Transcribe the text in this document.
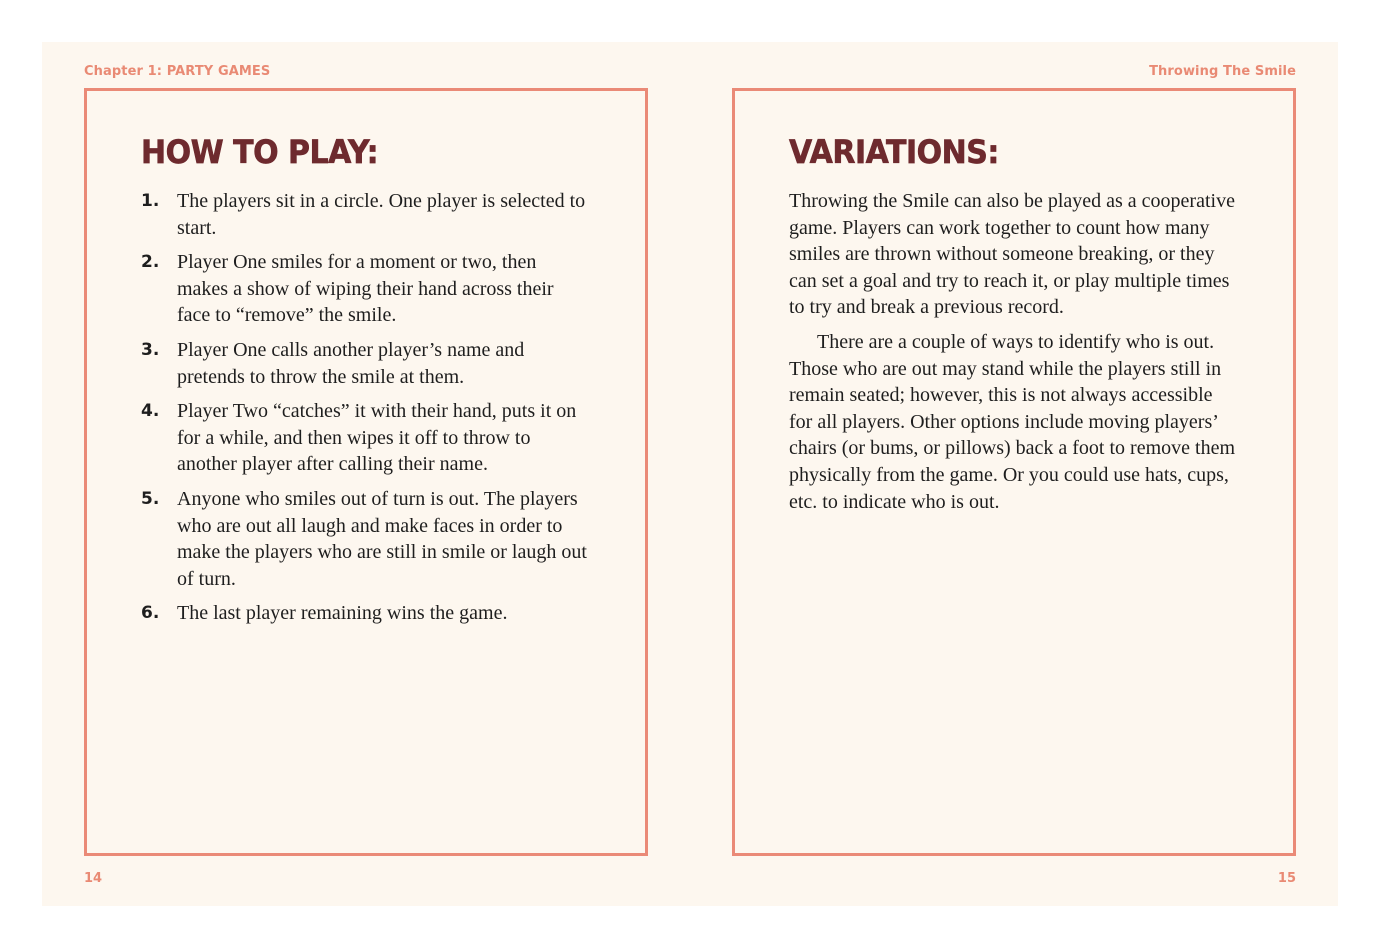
Chapter 1: PARTY GAMES
HOW TO PLAY:
1. The players sit in a circle. One player is selected to start.
2. Player One smiles for a moment or two, then makes a show of wiping their hand across their face to “remove” the smile.
3. Player One calls another player’s name and pretends to throw the smile at them.
4. Player Two “catches” it with their hand, puts it on for a while, and then wipes it off to throw to another player after calling their name.
5. Anyone who smiles out of turn is out. The players who are out all laugh and make faces in order to make the players who are still in smile or laugh out of turn.
6. The last player remaining wins the game.
14
Throwing The Smile
VARIATIONS:

Throwing the Smile can also be played as a cooperative game. Players can work together to count how many smiles are thrown without someone breaking, or they can set a goal and try to reach it, or play multiple times to try and break a previous record.

There are a couple of ways to identify who is out. Those who are out may stand while the players still in remain seated; however, this is not always accessible for all players. Other options include moving players’ chairs (or bums, or pillows) back a foot to remove them physically from the game. Or you could use hats, cups, etc. to indicate who is out.

15
